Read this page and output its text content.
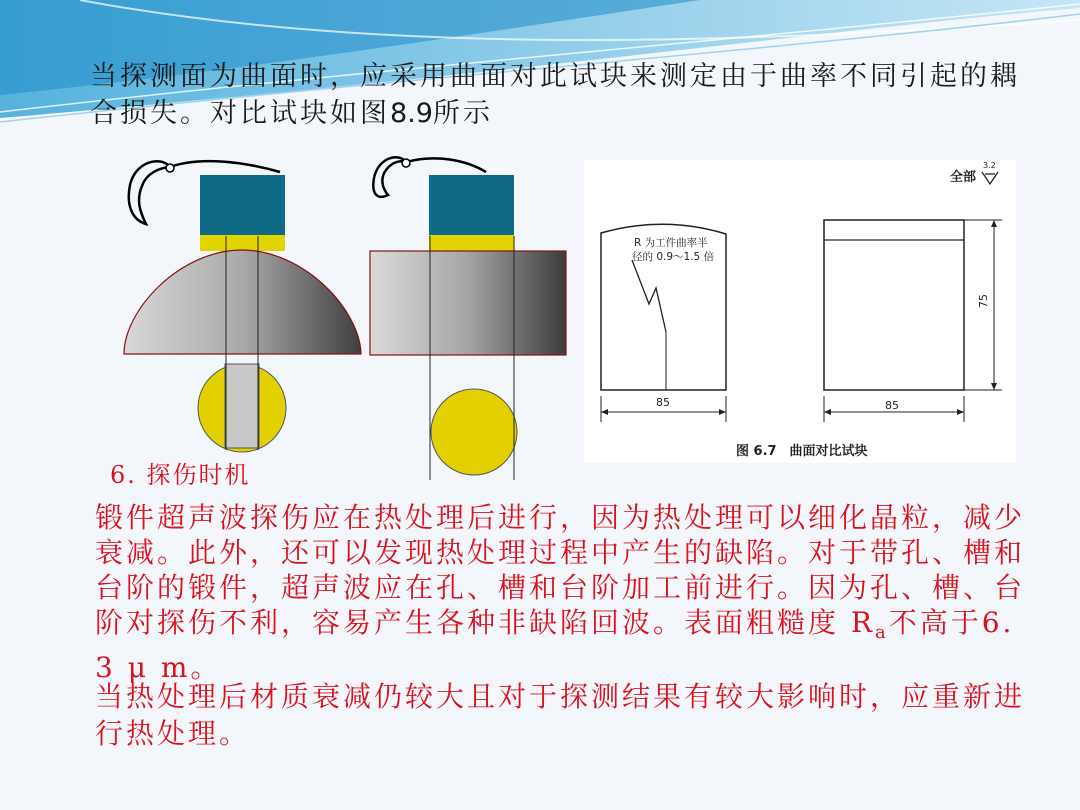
当探测面为曲面时，应采用曲面对此试块来测定由于曲率不同引起的耦合损失。对比试块如图8.9所示

全部
3.2
R 为工件曲率半
径的 0.9～1.5 倍
85
75
85
图 6.7　曲面对比试块

6. 探伤时机

锻件超声波探伤应在热处理后进行，因为热处理可以细化晶粒，减少衰减。此外，还可以发现热处理过程中产生的缺陷。对于带孔、槽和台阶的锻件，超声波应在孔、槽和台阶加工前进行。因为孔、槽、台阶对探伤不利，容易产生各种非缺陷回波。表面粗糙度 $R_a$不高于6. 3 μ m。

当热处理后材质衰减仍较大且对于探测结果有较大影响时，应重新进行热处理。
